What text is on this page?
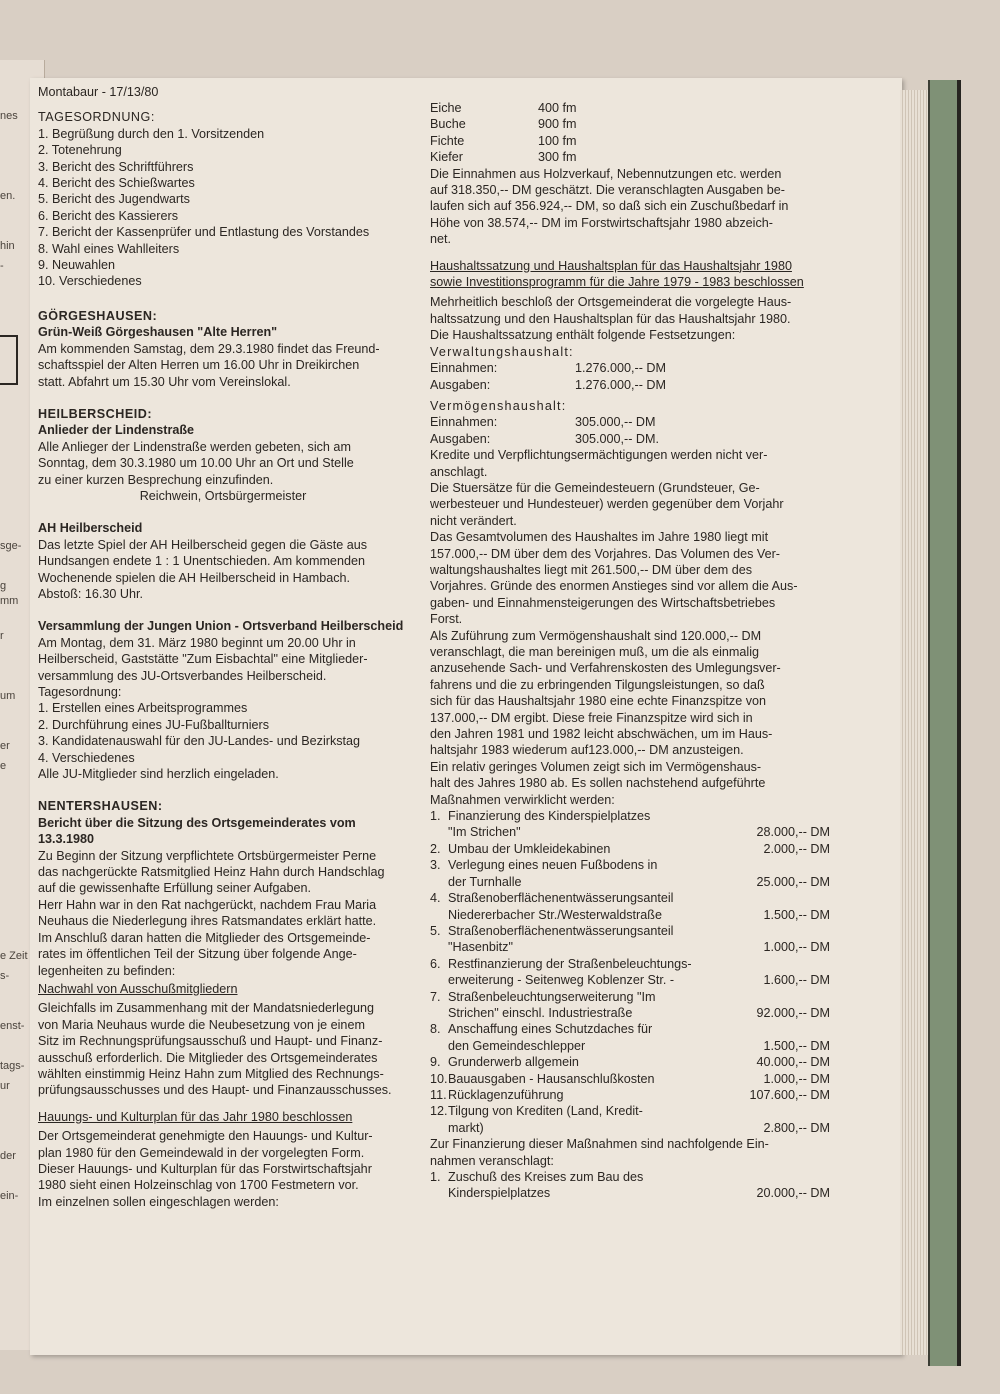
nes
en.
hin
-
sge-
g
mm
r
um
er
e
e Zeit
s-
enst-
tags-
ur
der
ein-
Montabaur - 17/13/80
TAGESORDNUNG:
1. Begrüßung durch den 1. Vorsitzenden
2. Totenehrung
3. Bericht des Schriftführers
4. Bericht des Schießwartes
5. Bericht des Jugendwarts
6. Bericht des Kassierers
7. Bericht der Kassenprüfer und Entlastung des Vorstandes
8. Wahl eines Wahlleiters
9. Neuwahlen
10. Verschiedenes
GÖRGESHAUSEN:
Grün-Weiß Görgeshausen "Alte Herren"
Am kommenden Samstag, dem 29.3.1980 findet das Freund-
schaftsspiel der Alten Herren um 16.00 Uhr in Dreikirchen
statt. Abfahrt um 15.30 Uhr vom Vereinslokal.
HEILBERSCHEID:
Anlieder der Lindenstraße
Alle Anlieger der Lindenstraße werden gebeten, sich am
Sonntag, dem 30.3.1980 um 10.00 Uhr an Ort und Stelle
zu einer kurzen Besprechung einzufinden.
Reichwein, Ortsbürgermeister
AH Heilberscheid
Das letzte Spiel der AH Heilberscheid gegen die Gäste aus
Hundsangen endete 1 : 1 Unentschieden. Am kommenden
Wochenende spielen die AH Heilberscheid in Hambach.
Abstoß: 16.30 Uhr.
Versammlung der Jungen Union - Ortsverband Heilberscheid
Am Montag, dem 31. März 1980 beginnt um 20.00 Uhr in
Heilberscheid, Gaststätte "Zum Eisbachtal" eine Mitglieder-
versammlung des JU-Ortsverbandes Heilberscheid.
Tagesordnung:
1. Erstellen eines Arbeitsprogrammes
2. Durchführung eines JU-Fußballturniers
3. Kandidatenauswahl für den JU-Landes- und Bezirkstag
4. Verschiedenes
Alle JU-Mitglieder sind herzlich eingeladen.
NENTERSHAUSEN:
Bericht über die Sitzung des Ortsgemeinderates vom 13.3.1980
Zu Beginn der Sitzung verpflichtete Ortsbürgermeister Perne
das nachgerückte Ratsmitglied Heinz Hahn durch Handschlag
auf die gewissenhafte Erfüllung seiner Aufgaben.
Herr Hahn war in den Rat nachgerückt, nachdem Frau Maria
Neuhaus die Niederlegung ihres Ratsmandates erklärt hatte.
Im Anschluß daran hatten die Mitglieder des Ortsgemeinde-
rates im öffentlichen Teil der Sitzung über folgende Ange-
legenheiten zu befinden:
Nachwahl von Ausschußmitgliedern
Gleichfalls im Zusammenhang mit der Mandatsniederlegung
von Maria Neuhaus wurde die Neubesetzung von je einem
Sitz im Rechnungsprüfungsausschuß und Haupt- und Finanz-
ausschuß erforderlich. Die Mitglieder des Ortsgemeinderates
wählten einstimmig Heinz Hahn zum Mitglied des Rechnungs-
prüfungsausschusses und des Haupt- und Finanzausschusses.
Hauungs- und Kulturplan für das Jahr 1980 beschlossen
Der Ortsgemeinderat genehmigte den Hauungs- und Kultur-
plan 1980 für den Gemeindewald in der vorgelegten Form.
Dieser Hauungs- und Kulturplan für das Forstwirtschaftsjahr
1980 sieht einen Holzeinschlag von 1700 Festmetern vor.
Im einzelnen sollen eingeschlagen werden:
Eiche	400 fm
Buche	900 fm
Fichte	100 fm
Kiefer	300 fm
Die Einnahmen aus Holzverkauf, Nebennutzungen etc. werden
auf 318.350,-- DM geschätzt. Die veranschlagten Ausgaben be-
laufen sich auf 356.924,-- DM, so daß sich ein Zuschußbedarf in
Höhe von 38.574,-- DM im Forstwirtschaftsjahr 1980 abzeich-
net.
Haushaltssatzung und Haushaltsplan für das Haushaltsjahr 1980
sowie Investitionsprogramm für die Jahre 1979 - 1983 beschlossen
Mehrheitlich beschloß der Ortsgemeinderat die vorgelegte Haus-
haltssatzung und den Haushaltsplan für das Haushaltsjahr 1980.
Die Haushaltssatzung enthält folgende Festsetzungen:
Verwaltungshaushalt:
Einnahmen:	1.276.000,-- DM
Ausgaben:	1.276.000,-- DM
Vermögenshaushalt:
Einnahmen:	305.000,-- DM
Ausgaben:	305.000,-- DM.
Kredite und Verpflichtungsermächtigungen werden nicht ver-
anschlagt.
Die Stuersätze für die Gemeindesteuern (Grundsteuer, Ge-
werbesteuer und Hundesteuer) werden gegenüber dem Vorjahr
nicht verändert.
Das Gesamtvolumen des Haushaltes im Jahre 1980 liegt mit
157.000,-- DM über dem des Vorjahres. Das Volumen des Ver-
waltungshaushaltes liegt mit 261.500,-- DM über dem des
Vorjahres. Gründe des enormen Anstieges sind vor allem die Aus-
gaben- und Einnahmensteigerungen des Wirtschaftsbetriebes
Forst.
Als Zuführung zum Vermögenshaushalt sind 120.000,-- DM
veranschlagt, die man bereinigen muß, um die als einmalig
anzusehende Sach- und Verfahrenskosten des Umlegungsver-
fahrens und die zu erbringenden Tilgungsleistungen, so daß
sich für das Haushaltsjahr 1980 eine echte Finanzspitze von
137.000,-- DM ergibt. Diese freie Finanzspitze wird sich in
den Jahren 1981 und 1982 leicht abschwächen, um im Haus-
haltsjahr 1983 wiederum auf123.000,-- DM anzusteigen.
Ein relativ geringes Volumen zeigt sich im Vermögenshaus-
halt des Jahres 1980 ab. Es sollen nachstehend aufgeführte
Maßnahmen verwirklicht werden:
1. Finanzierung des Kinderspielplatzes
"Im Strichen"	28.000,-- DM
2. Umbau der Umkleidekabinen	2.000,-- DM
3. Verlegung eines neuen Fußbodens in
der Turnhalle	25.000,-- DM
4. Straßenoberflächenentwässerungsanteil
Niedererbacher Str./Westerwaldstraße	1.500,-- DM
5. Straßenoberflächenentwässerungsanteil
"Hasenbitz"	1.000,-- DM
6. Restfinanzierung der Straßenbeleuchtungs-
erweiterung - Seitenweg Koblenzer Str. -	1.600,-- DM
7. Straßenbeleuchtungserweiterung "Im
Strichen" einschl. Industriestraße	92.000,-- DM
8. Anschaffung eines Schutzdaches für
den Gemeindeschlepper	1.500,-- DM
9. Grunderwerb allgemein	40.000,-- DM
10. Bauausgaben - Hausanschlußkosten	1.000,-- DM
11. Rücklagenzuführung	107.600,-- DM
12. Tilgung von Krediten (Land, Kredit-
markt)	2.800,-- DM
Zur Finanzierung dieser Maßnahmen sind nachfolgende Ein-
nahmen veranschlagt:
1. Zuschuß des Kreises zum Bau des
Kinderspielplatzes	20.000,-- DM
